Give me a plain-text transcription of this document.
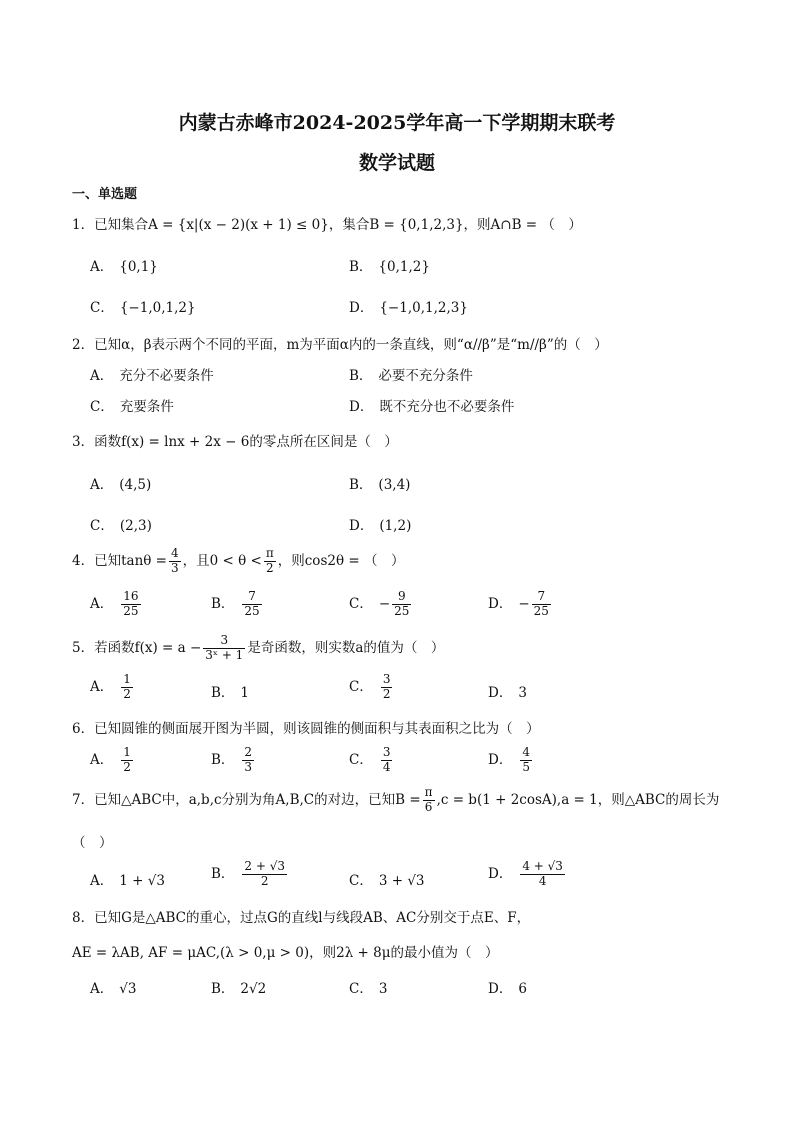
内蒙古赤峰市2024-2025学年高一下学期期末联考
数学试题
一、单选题
1．已知集合A = {x|(x − 2)(x + 1) ≤ 0}，集合B = {0,1,2,3}，则A∩B = （　）
A． {0,1}	B． {0,1,2}
C． {−1,0,1,2}	D． {−1,0,1,2,3}
2．已知α，β表示两个不同的平面，m为平面α内的一条直线，则“α//β”是“m//β”的（　）
A． 充分不必要条件	B． 必要不充分条件
C． 充要条件	D． 既不充分也不必要条件
3．函数f(x) = lnx + 2x − 6的零点所在区间是（　）
A． (4,5)	B． (3,4)
C． (2,3)	D． (1,2)
4．已知$\tan\theta = \frac{4}{3}$ ，且$0 < \theta < \frac{\pi}{2}$ ，则cos2θ = （　）
A． $\frac{16}{25}$	B． $\frac{7}{25}$	C． − $\frac{9}{25}$	D． − $\frac{7}{25}$
5．若函数$f(x) = a - \frac{3}{\text{3ˣ + 1}}$ 是奇函数，则实数a的值为（　）
A． $\frac{1}{2}$	B． 1	C． $\frac{3}{2}$	D． 3
6．已知圆锥的侧面展开图为半圆，则该圆锥的侧面积与其表面积之比为（　）
A． $\frac{1}{2}$	B． $\frac{2}{3}$	C． $\frac{3}{4}$	D． $\frac{4}{5}$
7．已知△ABC中，a,b,c分别为角A,B,C的对边，已知$B = \frac{\pi}{6} ,c = b(1 + 2\cos A),a = 1$，则△ABC的周长为
（　）
A． 1 + √3	B． $\frac{2 + √3}{2}$	C． 3 + √3	D． $\frac{4 + √3}{4}$
8．已知G是△ABC的重心，过点G的直线l与线段AB、AC分别交于点E、F，
AE = λAB, AF = μAC,(λ > 0,μ > 0)，则2λ + 8μ的最小值为（　）
A． √3	B． 2√2	C． 3	D． 6
